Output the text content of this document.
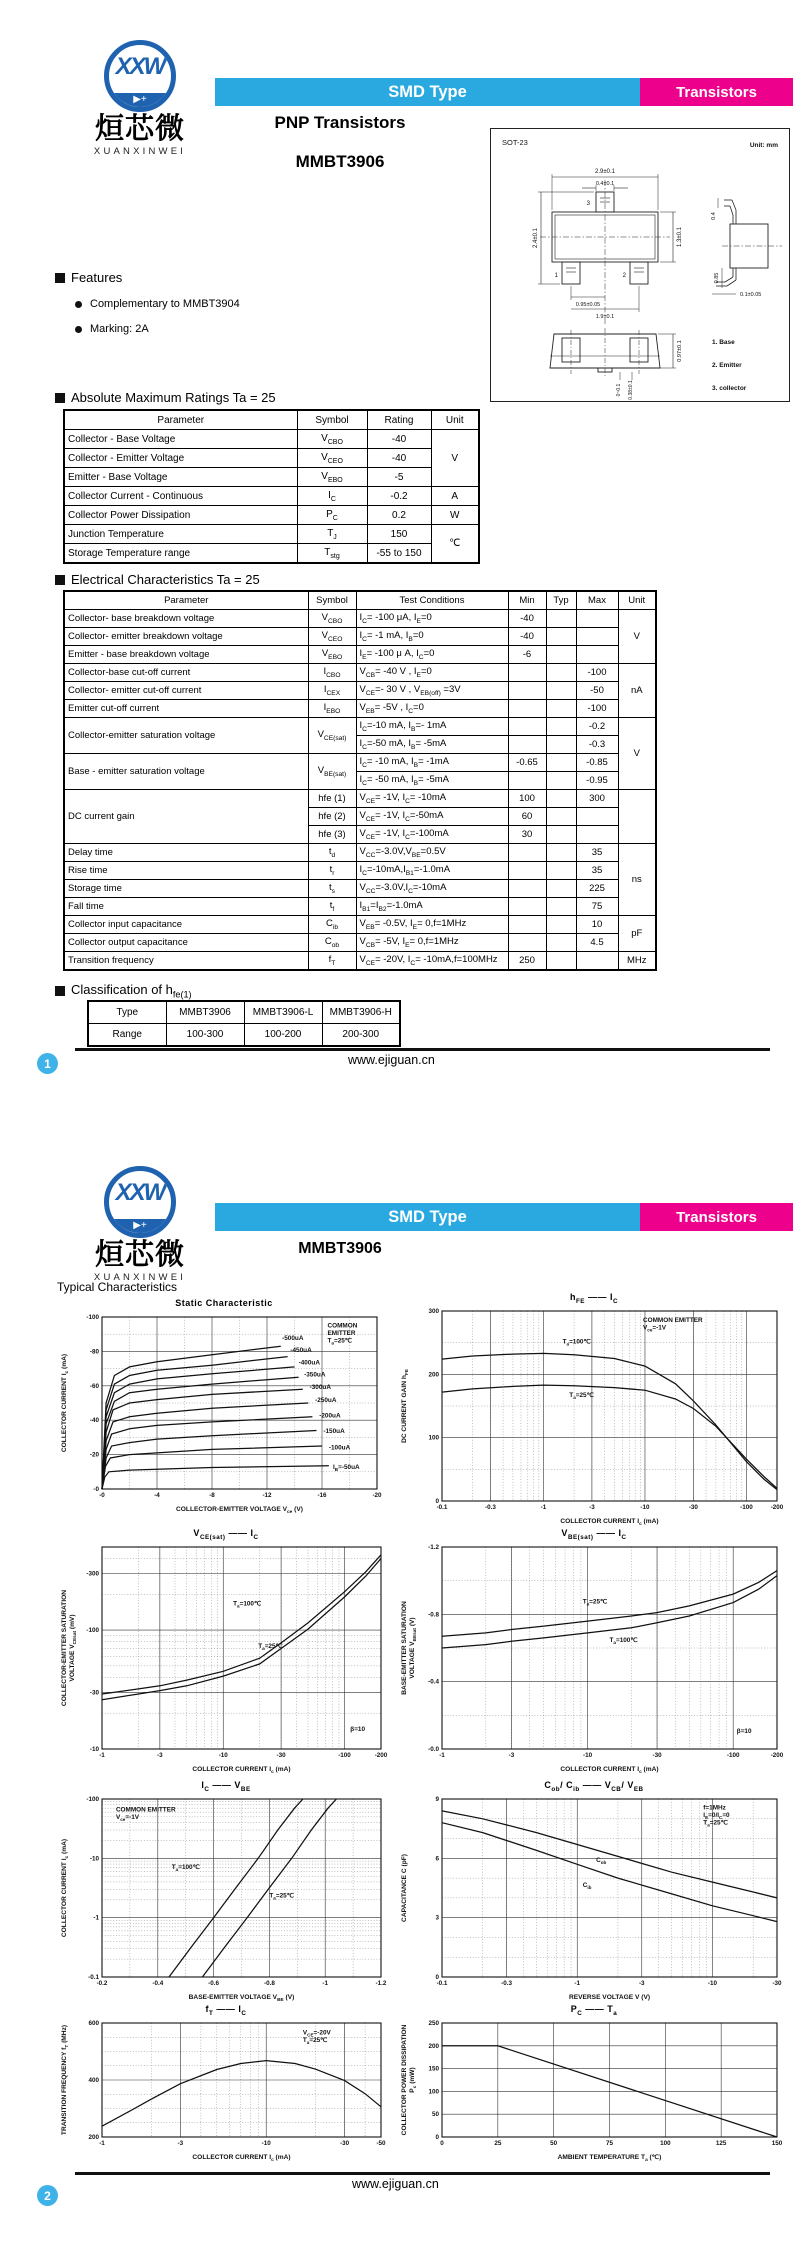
XXW
▶+
烜芯微
XUANXINWEI
SMD Type	Transistors
PNP Transistors
MMBT3906
SOT-23	Unit: mm
3
1	2
2.9±0.1
0.4±0.1
2.4±0.1	1.3±0.1
0.95±0.05
1.9±0.1
0.4
0.85
0.1±0.05
0.97±0.1
0~0.1 0.38±0.1
1. Base
2. Emitter
3. collector
Features
Complementary to MMBT3904
Marking: 2A
Absolute Maximum Ratings Ta = 25
Parameter	Symbol	Rating	Unit
Collector - Base Voltage	$V_{CBO}$	-40	V
Collector - Emitter Voltage	$V_{CEO}$	-40	
Emitter - Base Voltage	$V_{EBO}$	-5	
Collector Current - Continuous	$I_C$	-0.2	A
Collector Power Dissipation	$P_C$	0.2	W
Junction Temperature	$T_J$	150	℃
Storage Temperature range	$T_{stg}$	-55 to 150	
Electrical Characteristics Ta = 25
Parameter	Symbol	Test Conditions	Min	Typ	Max	Unit
Collector- base breakdown voltage	$V_{CBO}$	$I_C= -100$ μA, $I_E=0$	-40			V
Collector- emitter breakdown voltage	$V_{CEO}$	$I_C= -1$ mA, $I_B=0$	-40			
Emitter - base breakdown voltage	$V_{EBO}$	$I_E= -100$ μ A, $I_C=0$	-6			
Collector-base cut-off current	$I_{CBO}$	$V_{CB}= -40$ V , $I_E=0$			-100	nA
Collector- emitter cut-off current	$I_{CEX}$	$V_{CE}=-$ 30 V , $V_{EB(off)} =3V$			-50	
Emitter cut-off current	$I_{EBO}$	$V_{EB}= -5V$ , $I_C=0$			-100	
Collector-emitter saturation voltage	$V_{CE(sat)}$	$I_C=-10$ mA, $I_B=-$ 1mA			-0.2	V
		$I_C=-50$ mA, $I_B= -5mA$			-0.3	
Base - emitter saturation voltage	$V_{BE(sat)}$	$I_C= -10$ mA, $I_B= -1mA$	-0.65		-0.85	
		$I_C= -50$ mA, $I_B= -5mA$			-0.95	
DC current gain	hfe (1)	$V_{CE}= -1V$, $I_C= -10mA$	100		300	
	hfe (2)	$V_{CE}= -1V$, $I_C=-50mA$	60			
	hfe (3)	$V_{CE}= -1V$, $I_C=-100mA$	30			
Delay time	$t_d$	$V_{CC}=-3.0V,V_{BE}=0.5V$			35	ns
Rise time	$t_r$	$I_C=-10mA,I_{B1}=-1.0mA$			35	
Storage time	$t_s$	$V_{CC}=-3.0V,I_C=-10mA$			225	
Fall time	$t_f$	$I_{B1}=I_{B2}=-1.0mA$			75	
Collector input capacitance	$C_{ib}$	$V_{EB}= -0.5V$, $I_E= 0,f=1MHz$			10	pF
Collector output capacitance	$C_{ob}$	$V_{CB}= -5V$, $I_E= 0,f=1MHz$			4.5	
Transition frequency	$f_T$	$V_{CE}= -20V$, $I_C= -10mA,f=100MHz$	250			MHz
Classification of $h_{fe(1)}$
Type	MMBT3906	MMBT3906-L	MMBT3906-H
Range	100-300	100-200	200-300
www.ejiguan.cn
1
XXW
▶+
烜芯微
XUANXINWEI
SMD Type	Transistors
MMBT3906
Typical Characteristics
Static Characteristic
-0	-4	-8	-12	-16	-20
-0
-20
-40
-60
-80
-100
-500uA
-450uA
-400uA
-350uA
-300uA
-250uA
-200uA
-150uA
-100uA
$I_B=-50uA$
COMMON
EMITTER
$T_a=25℃$
COLLECTOR-EMITTER VOLTAGE $V_{ce}$ (V)
COLLECTOR CURRENT $I_c$ (mA)
$h_{FE}$ —— $I_C$
-0.1	-0.3	-1	-3	-10	-30	-100	-200
0
100
200
300
COMMON EMITTER
$V_{ce}=-1V$
$T_a=100℃$
$T_a=25℃$
COLLECTOR CURRENT $I_c$ (mA)
DC CURRENT GAIN $h_{FE}$
$V_{CE(sat)}$ —— $I_C$
-1	-3	-10	-30	-100	-200
-10
-30
-100
-300
$T_a=100℃$
$T_a=25℃$
β=10
COLLECTOR CURRENT $I_c$ (mA)
COLLECTOR-EMITTER SATURATION VOLTAGE $V_{CEsat}$ (mV)
$V_{BE(sat)}$ —— $I_C$
-1	-3	-10	-30	-100	-200
-0.0
-0.4
-0.8
-1.2
$T_a=25℃$
$T_a=100℃$
β=10
COLLECTOR CURRENT $I_c$ (mA)
BASE-EMITTER SATURATION VOLTAGE $V_{BEsat}$ (V)
$I_C$ —— $V_{BE}$
-0.2	-0.4	-0.6	-0.8	-1	-1.2
-0.1
-1
-10
-100
COMMON EMITTER
$V_{ce}=-1V$
$T_a=100℃$
$T_a=25℃$
BASE-EMITTER VOLTAGE $V_{BE}$ (V)
COLLECTOR CURRENT $I_c$ (mA)
$C_{ob}/$ $C_{ib}$ —— $V_{CB}/$ $V_{EB}$
-0.1	-0.3	-1	-3	-10	-30
0
3
6
9
f=1MHz
$I_E=0/I_C=0$
$T_a=25℃$
$C_{ob}$
$C_{ib}$
REVERSE VOLTAGE V (V)
CAPACITANCE C (pF)
$f_T$ —— $I_C$
-1	-3	-10	-30	-50
200
400
600
$V_{CE}=-20V$
$T_a=25℃$
COLLECTOR CURRENT $I_c$ (mA)
TRANSITION FREQUENCY $f_T$ (MHz)
$P_C$ —— $T_a$
0	25	50	75	100	125	150
0
50
100
150
200
250
AMBIENT TEMPERATURE $T_a$ (℃)
COLLECTOR POWER DISSIPATION $P_c$ (mW)
www.ejiguan.cn
2
